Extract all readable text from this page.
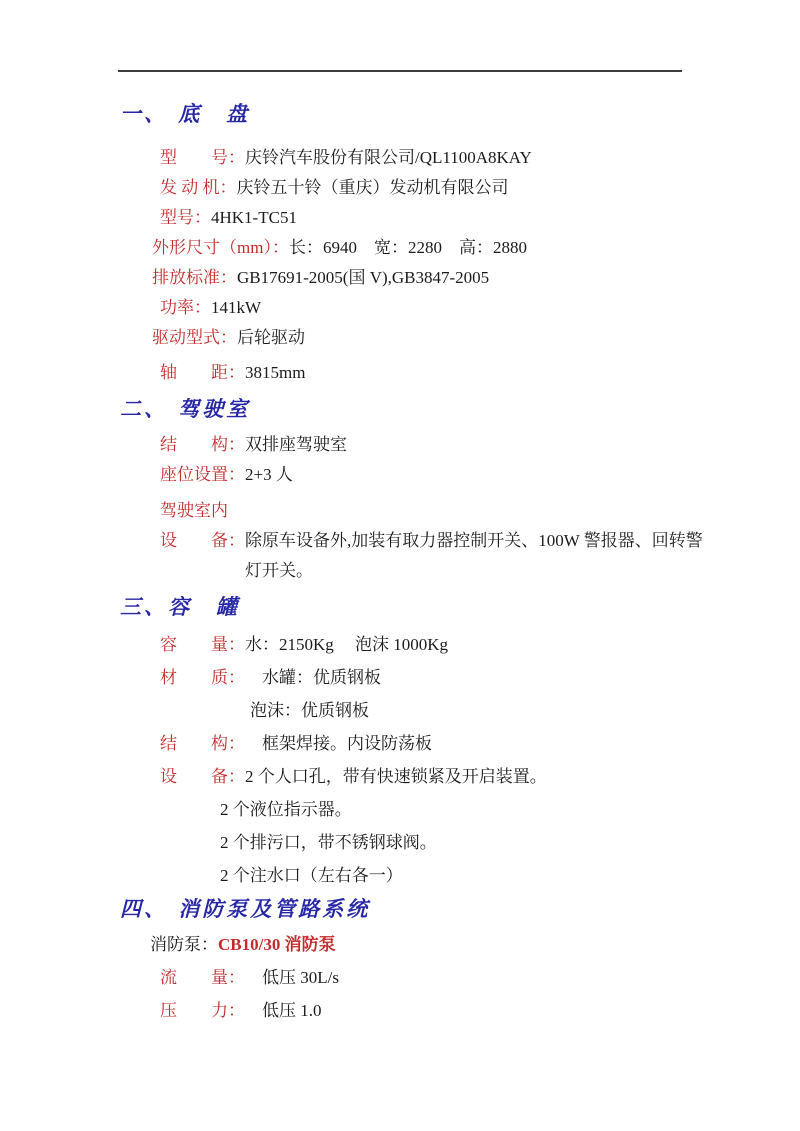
一、 底　盘
型　　号： 庆铃汽车股份有限公司/QL1100A8KAY
发 动 机： 庆铃五十铃（重庆）发动机有限公司
型号： 4HK1-TC51
外形尺寸（mm）： 长：6940　宽：2280　高：2880
排放标准： GB17691-2005(国 V),GB3847-2005
功率： 141kW
驱动型式： 后轮驱动
轴　　距： 3815mm
二、 驾驶室
结　　构： 双排座驾驶室
座位设置： 2+3 人
驾驶室内
设　　备： 除原车设备外,加装有取力器控制开关、100W 警报器、回转警灯开关。
三、容　罐
容　　量： 水：2150Kg　 泡沫 1000Kg
材　　质： 　水罐：优质钢板
泡沫：优质钢板
结　　构： 　框架焊接。内设防荡板
设　　备： 2 个人口孔，带有快速锁紧及开启装置。
2 个液位指示器。
2 个排污口，带不锈钢球阀。
2 个注水口（左右各一）
四、 消防泵及管路系统
消防泵： CB10/30 消防泵
流　　量： 　低压 30L/s
压　　力： 　低压 1.0
